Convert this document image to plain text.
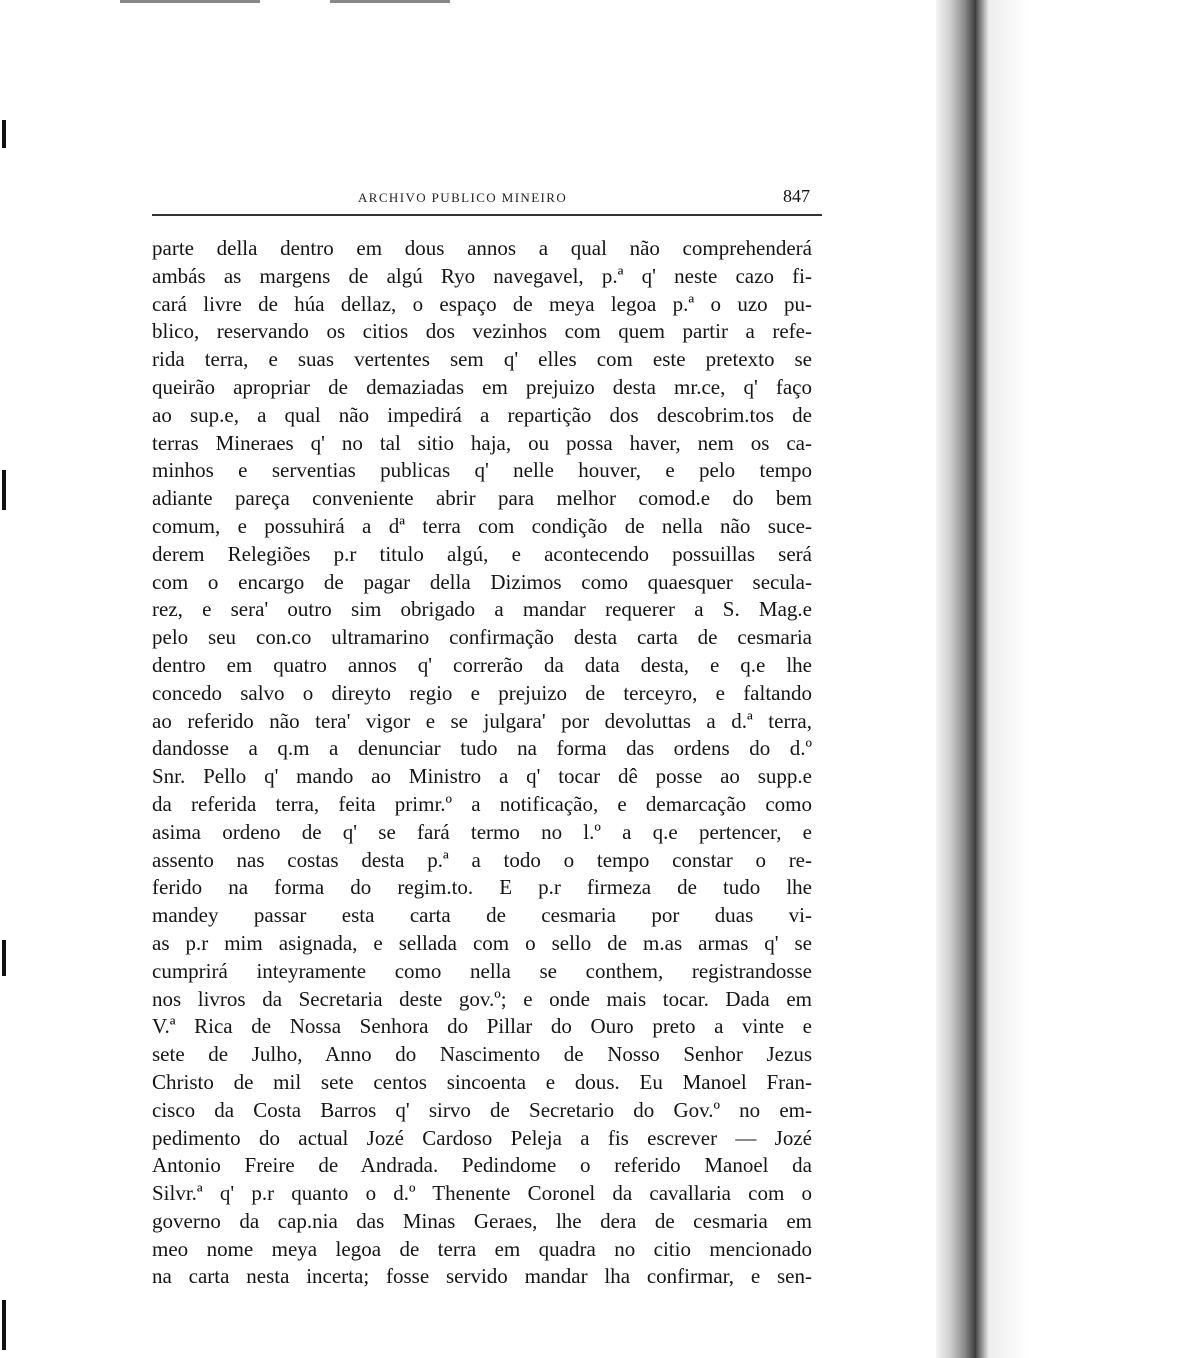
ARCHIVO PUBLICO MINEIRO	847
parte della dentro em dous annos a qual não comprehenderá
ambás as margens de algú Ryo navegavel, p.ª q' neste cazo fi-
cará livre de húa dellaz, o espaço de meya legoa p.ª o uzo pu-
blico, reservando os citios dos vezinhos com quem partir a refe-
rida terra, e suas vertentes sem q' elles com este pretexto se
queirão apropriar de demaziadas em prejuizo desta mr.ce, q' faço
ao sup.e, a qual não impedirá a repartição dos descobrim.tos de
terras Mineraes q' no tal sitio haja, ou possa haver, nem os ca-
minhos e serventias publicas q' nelle houver, e pelo tempo
adiante pareça conveniente abrir para melhor comod.e do bem
comum, e possuhirá a dª terra com condição de nella não suce-
derem Relegiões p.r titulo algú, e acontecendo possuillas será
com o encargo de pagar della Dizimos como quaesquer secula-
rez, e sera' outro sim obrigado a mandar requerer a S. Mag.e
pelo seu con.co ultramarino confirmação desta carta de cesmaria
dentro em quatro annos q' correrão da data desta, e q.e lhe
concedo salvo o direyto regio e prejuizo de terceyro, e faltando
ao referido não tera' vigor e se julgara' por devoluttas a d.ª terra,
dandosse a q.m a denunciar tudo na forma das ordens do d.º
Snr. Pello q' mando ao Ministro a q' tocar dê posse ao supp.e
da referida terra, feita primr.º a notificação, e demarcação como
asima ordeno de q' se fará termo no l.º a q.e pertencer, e
assento nas costas desta p.ª a todo o tempo constar o re-
ferido na forma do regim.to. E p.r firmeza de tudo lhe
mandey passar esta carta de cesmaria por duas vi-
as p.r mim asignada, e sellada com o sello de m.as armas q' se
cumprirá inteyramente como nella se conthem, registrandosse
nos livros da Secretaria deste gov.º; e onde mais tocar. Dada em
V.ª Rica de Nossa Senhora do Pillar do Ouro preto a vinte e
sete de Julho, Anno do Nascimento de Nosso Senhor Jezus
Christo de mil sete centos sincoenta e dous. Eu Manoel Fran-
cisco da Costa Barros q' sirvo de Secretario do Gov.º no em-
pedimento do actual Jozé Cardoso Peleja a fis escrever — Jozé
Antonio Freire de Andrada. Pedindome o referido Manoel da
Silvr.ª q' p.r quanto o d.º Thenente Coronel da cavallaria com o
governo da cap.nia das Minas Geraes, lhe dera de cesmaria em
meo nome meya legoa de terra em quadra no citio mencionado
na carta nesta incerta; fosse servido mandar lha confirmar, e sen-
